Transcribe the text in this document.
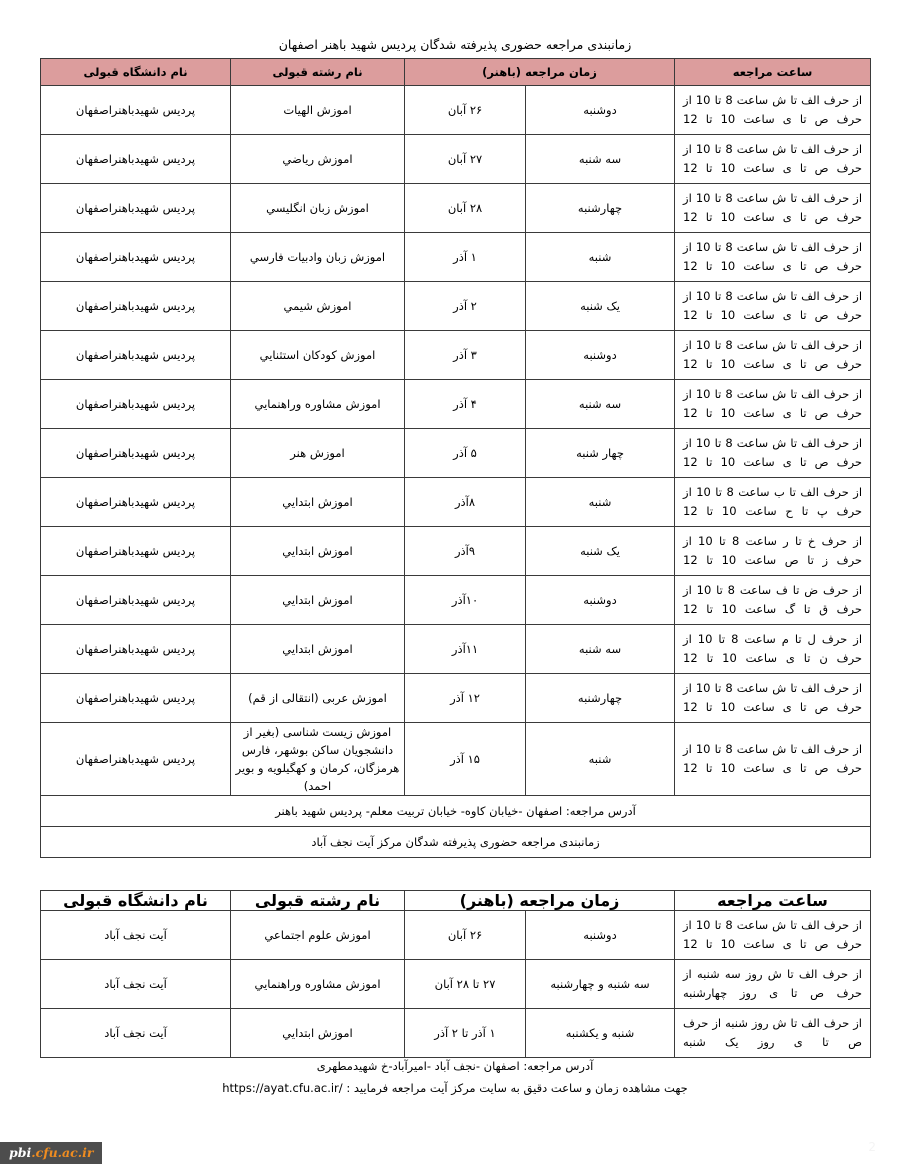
زمانبندی مراجعه حضوری پذیرفته شدگان پردیس شهید باهنر اصفهان
ساعت مراجعه	زمان مراجعه (باهنر)		نام رشته قبولی	نام دانشگاه قبولی
از حرف الف تا ش ساعت 8 تا 10 از حرف ص تا ی ساعت 10 تا 12	دوشنبه	۲۶ آبان	اموزش الهیات	پردیس شهیدباهنراصفهان
از حرف الف تا ش ساعت 8 تا 10 از حرف ص تا ی ساعت 10 تا 12	سه شنبه	۲۷ آبان	اموزش ریاضي	پردیس شهیدباهنراصفهان
از حرف الف تا ش ساعت 8 تا 10 از حرف ص تا ی ساعت 10 تا 12	چهارشنبه	۲۸ آبان	اموزش زبان انگلیسي	پردیس شهیدباهنراصفهان
از حرف الف تا ش ساعت 8 تا 10 از حرف ص تا ی ساعت 10 تا 12	شنبه	۱ آذر	اموزش زبان وادبیات فارسي	پردیس شهیدباهنراصفهان
از حرف الف تا ش ساعت 8 تا 10 از حرف ص تا ی ساعت 10 تا 12	یک شنبه	۲ آذر	اموزش شیمي	پردیس شهیدباهنراصفهان
از حرف الف تا ش ساعت 8 تا 10 از حرف ص تا ی ساعت 10 تا 12	دوشنبه	۳ آذر	اموزش کودکان استثنایي	پردیس شهیدباهنراصفهان
از حرف الف تا ش ساعت 8 تا 10 از حرف ص تا ی ساعت 10 تا 12	سه شنبه	۴ آذر	اموزش مشاوره وراهنمایي	پردیس شهیدباهنراصفهان
از حرف الف تا ش ساعت 8 تا 10 از حرف ص تا ی ساعت 10 تا 12	چهار شنبه	۵ آذر	اموزش هنر	پردیس شهیدباهنراصفهان
از حرف الف تا ب ساعت 8 تا 10 از حرف پ تا ح ساعت 10 تا 12	شنبه	۸آذر	اموزش ابتدایي	پردیس شهیدباهنراصفهان
از حرف خ تا ر ساعت 8 تا 10 از حرف ز تا ص ساعت 10 تا 12	یک شنبه	۹آذر	اموزش ابتدایي	پردیس شهیدباهنراصفهان
از حرف ض تا ف ساعت 8 تا 10 از حرف ق تا گ ساعت 10 تا 12	دوشنبه	۱۰آذر	اموزش ابتدایي	پردیس شهیدباهنراصفهان
از حرف ل تا م ساعت 8 تا 10 از حرف ن تا ی ساعت 10 تا 12	سه شنبه	۱۱آذر	اموزش ابتدایي	پردیس شهیدباهنراصفهان
از حرف الف تا ش ساعت 8 تا 10 از حرف ص تا ی ساعت 10 تا 12	چهارشنبه	۱۲ آذر	اموزش عربی (انتقالی از قم)	پردیس شهیدباهنراصفهان
از حرف الف تا ش ساعت 8 تا 10 از حرف ص تا ی ساعت 10 تا 12	شنبه	۱۵ آذر	اموزش زیست شناسی (بغیر از دانشجویان ساکن بوشهر، فارس هرمزگان، کرمان و کهگیلویه و بویر احمد)	پردیس شهیدباهنراصفهان
آدرس مراجعه: اصفهان -خیابان کاوه- خیابان تربیت معلم- پردیس شهید باهنر				
زمانبندی مراجعه حضوری پذیرفته شدگان مرکز آیت نجف آباد				
ساعت مراجعه	زمان مراجعه (باهنر)		نام رشته قبولی	نام دانشگاه قبولی
از حرف الف تا ش ساعت 8 تا 10 از حرف ص تا ی ساعت 10 تا 12	دوشنبه	۲۶ آبان	اموزش علوم اجتماعي	آیت نجف آباد
از حرف الف تا ش روز سه شنبه از حرف ص تا ی روز چهارشنبه	سه شنبه و چهارشنبه	۲۷ تا ۲۸ آبان	اموزش مشاوره وراهنمایي	آیت نجف آباد
از حرف الف تا ش روز شنبه از حرف ص تا ی روز یک شنبه	شنبه و یکشنبه	۱ آذر تا ۲ آذر	اموزش ابتدایي	آیت نجف آباد
آدرس مراجعه: اصفهان -نجف آباد -امیرآباد-خ شهیدمطهری
جهت مشاهده زمان و ساعت دقیق به سایت مرکز آیت مراجعه فرمایید : https://ayat.cfu.ac.ir/
pbi.cfu.ac.ir	2
